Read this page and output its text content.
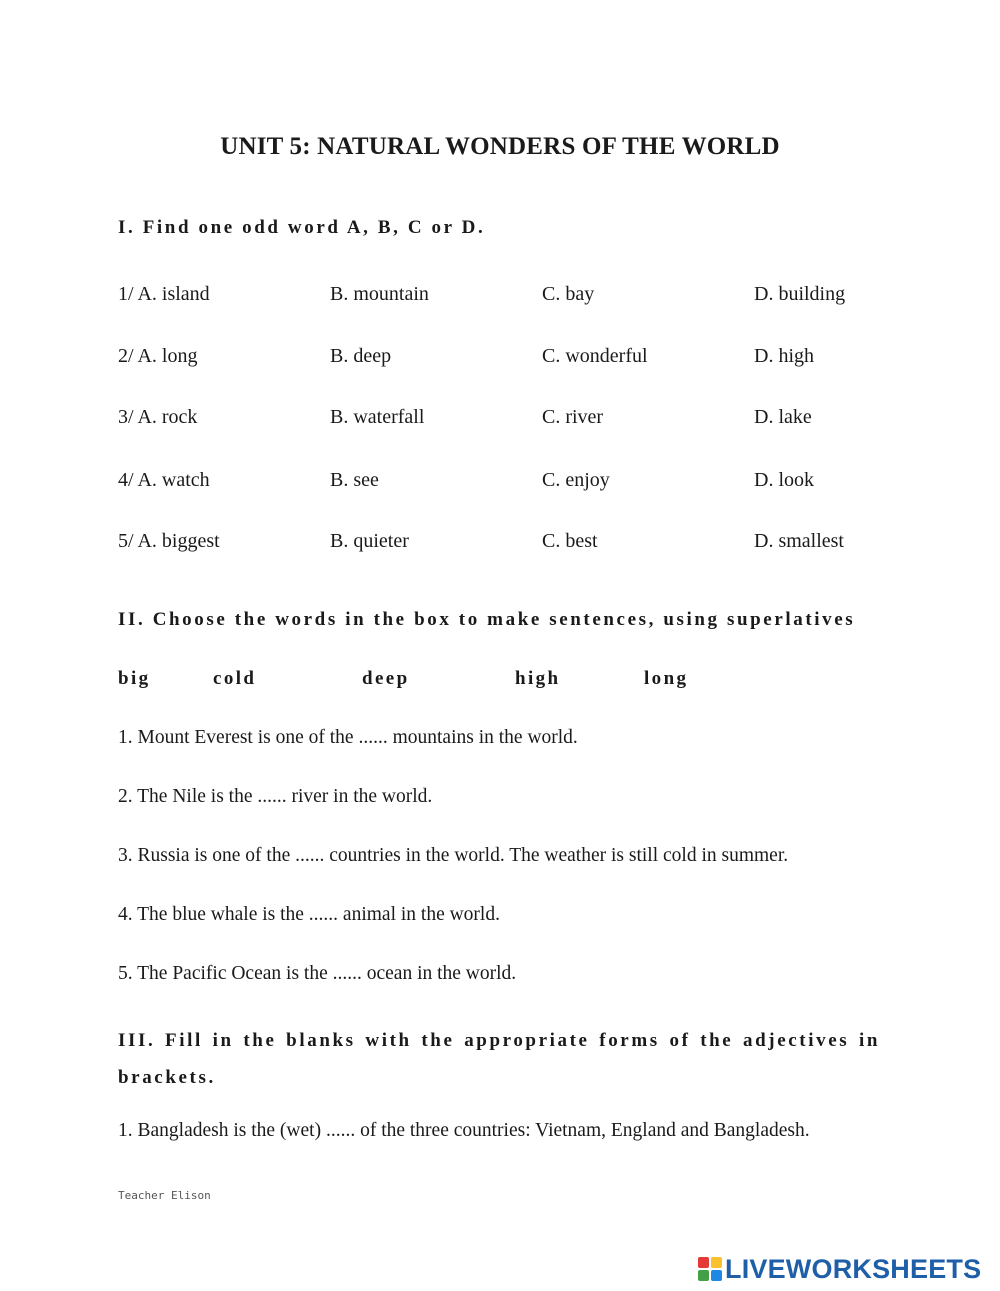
UNIT 5: NATURAL WONDERS OF THE WORLD
I. Find one odd word A, B, C or D.
1/ A. island	B. mountain	C. bay	D. building
2/ A. long	B. deep	C. wonderful	D. high
3/ A. rock	B. waterfall	C. river	D. lake
4/ A. watch	B. see	C. enjoy	D. look
5/ A. biggest	B. quieter	C. best	D. smallest
II. Choose the words in the box to make sentences, using superlatives
big	cold	deep	high	long
1. Mount Everest is one of the ...... mountains in the world.
2. The Nile is the ...... river in the world.
3. Russia is one of the ...... countries in the world. The weather is still cold in summer.
4. The blue whale is the ...... animal in the world.
5. The Pacific Ocean is the ...... ocean in the world.
III. Fill in the blanks with the appropriate forms of the adjectives in brackets.
1. Bangladesh is the (wet) ...... of the three countries: Vietnam, England and Bangladesh.
Teacher Elison
LIVEWORKSHEETS
